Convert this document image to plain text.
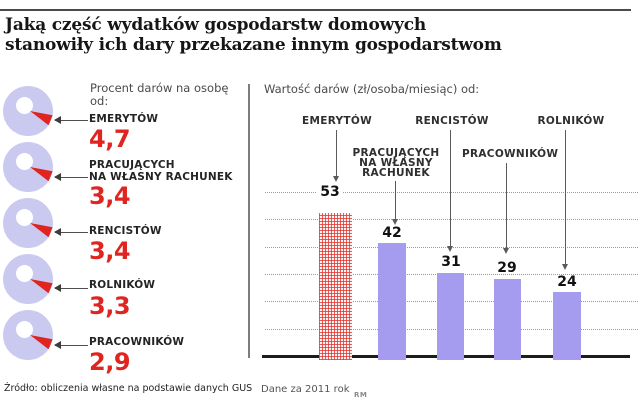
Jaką część wydatków gospodarstw domowych
stanowiły ich dary przekazane innym gospodarstwom
Procent darów na osobę od:
EMERYTÓW
4,7
PRACUJĄCYCH
NA WŁASNY RACHUNEK
3,4
RENCISTÓW
3,4
ROLNIKÓW
3,3
PRACOWNIKÓW
2,9
Wartość darów (zł/osoba/miesiąc) od:
53
42
31	29
24
EMERYTÓW
PRACUJĄCYCH
NA WŁASNY
RACHUNEK
RENCISTÓW
PRACOWNIKÓW
ROLNIKÓW
Źródło: obliczenia własne na podstawie danych GUS Dane za 2011 rok RM
